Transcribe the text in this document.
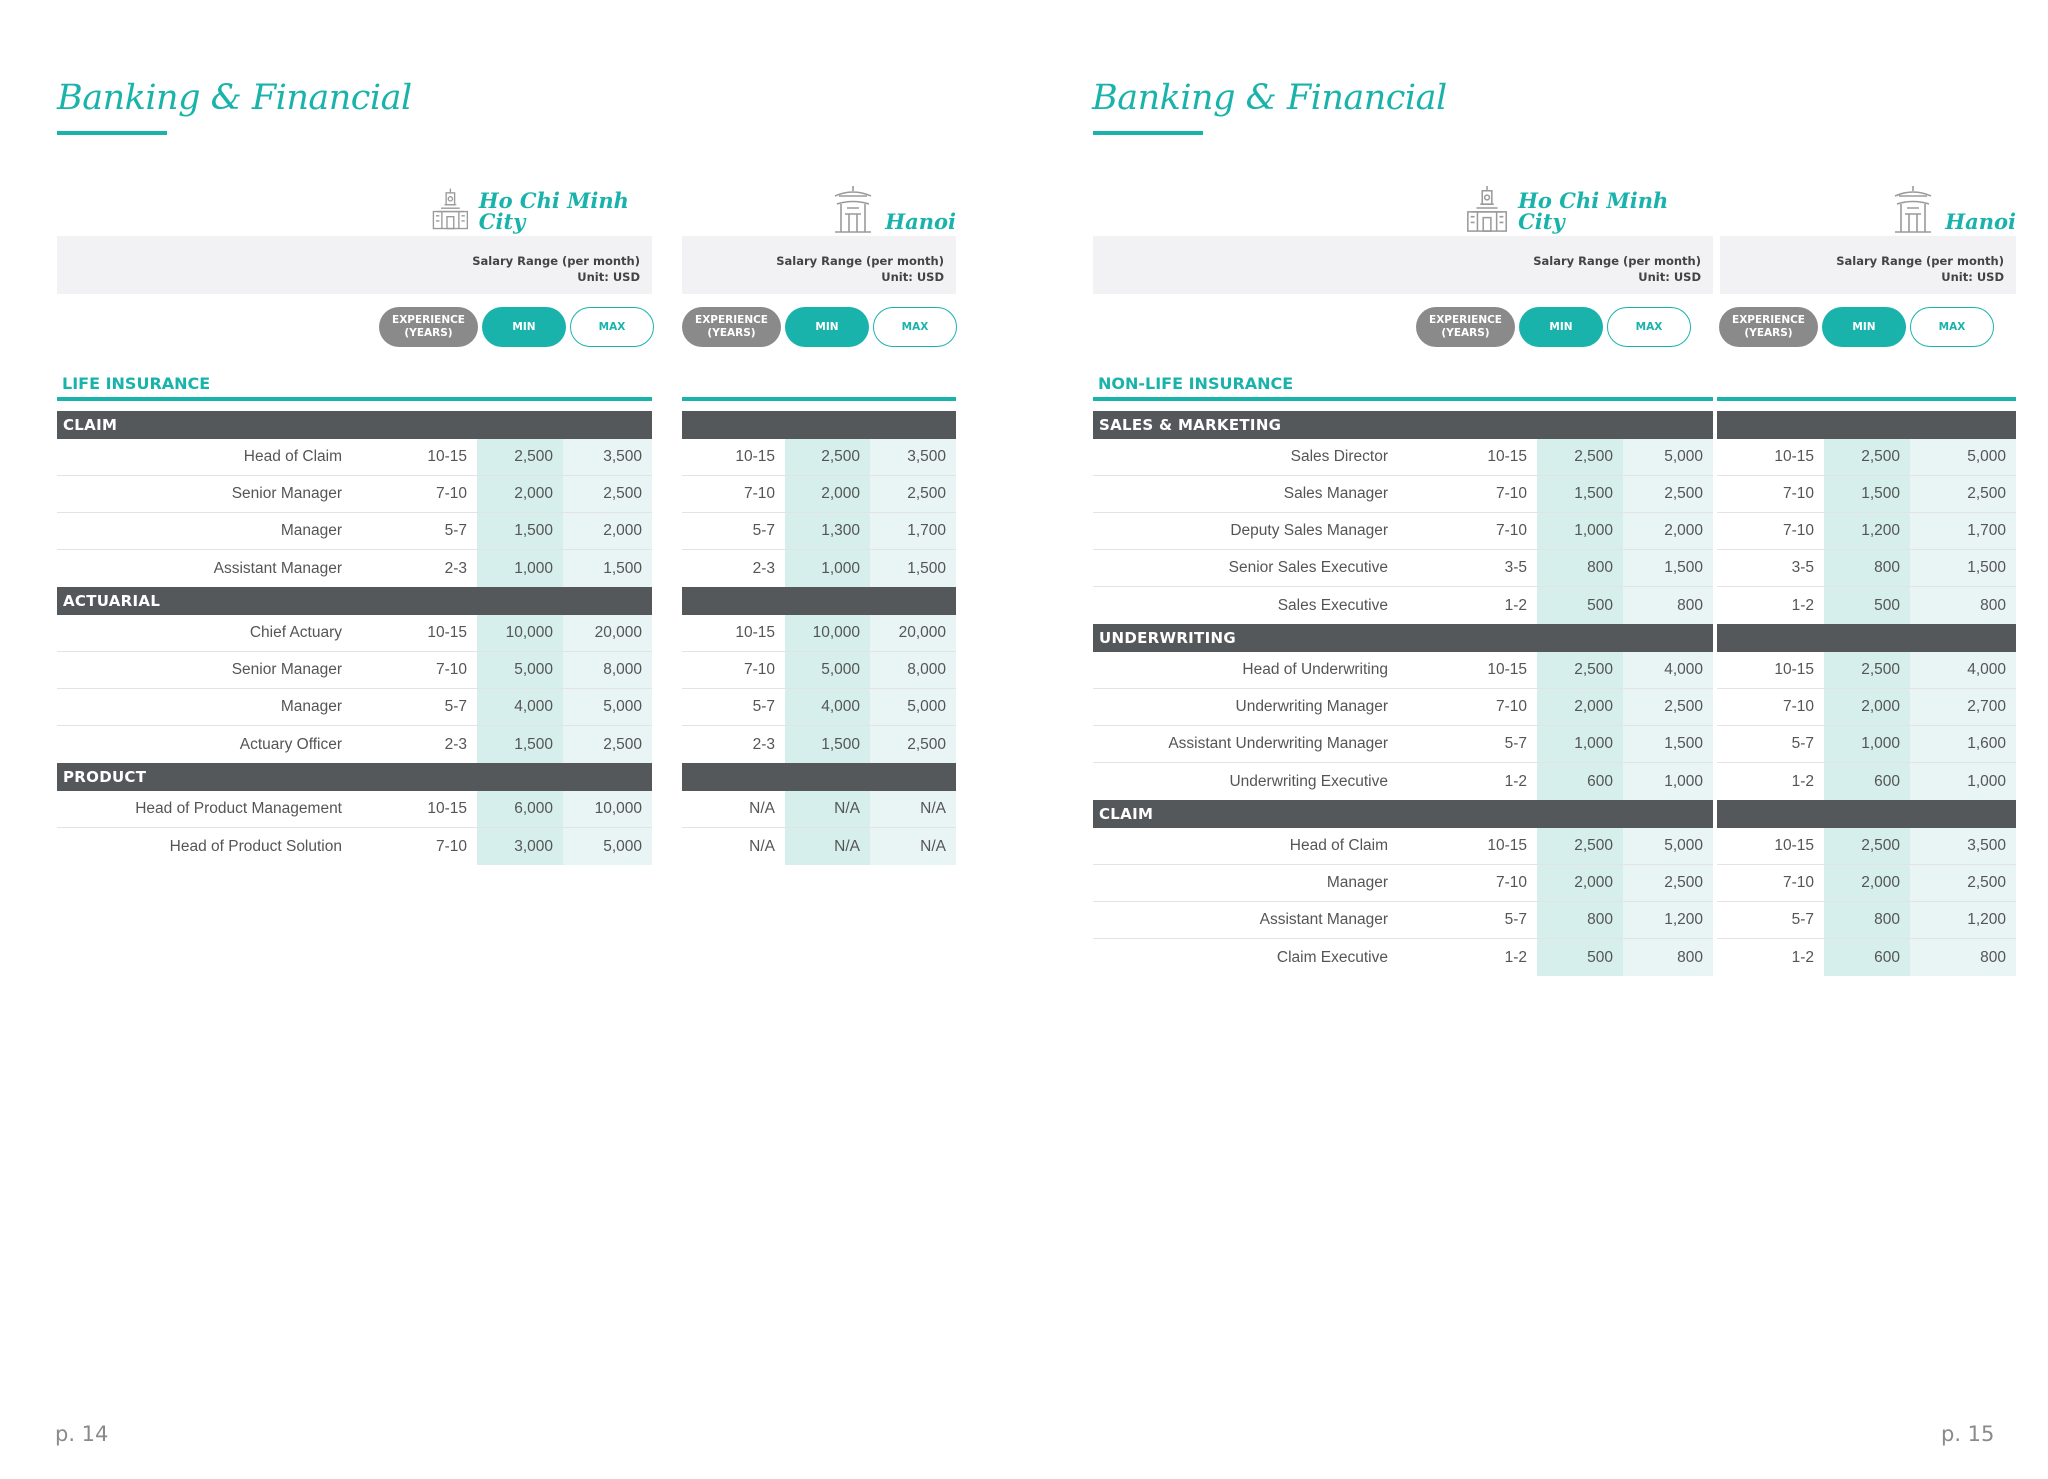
Banking & Financial
Ho Chi Minh City	Hanoi
Salary Range (per month)
Unit: USD
Salary Range (per month)
Unit: USD
EXPERIENCE
(YEARS)
MIN	MAX
EXPERIENCE
(YEARS)
MIN	MAX
LIFE INSURANCE
CLAIM
Head of Claim	10-15	2,500	3,500
Senior Manager	7-10	2,000	2,500
Manager	5-7	1,500	2,000
Assistant Manager	2-3	1,000	1,500
ACTUARIAL
Chief Actuary	10-15	10,000	20,000
Senior Manager	7-10	5,000	8,000
Manager	5-7	4,000	5,000
Actuary Officer	2-3	1,500	2,500
PRODUCT
Head of Product Management	10-15	6,000	10,000
Head of Product Solution	7-10	3,000	5,000
10-15	2,500	3,500
7-10	2,000	2,500
5-7	1,300	1,700
2-3	1,000	1,500
10-15	10,000	20,000
7-10	5,000	8,000
5-7	4,000	5,000
2-3	1,500	2,500
N/A	N/A	N/A
N/A	N/A	N/A
p. 14
Banking & Financial
Ho Chi Minh City	Hanoi
Salary Range (per month)
Unit: USD
Salary Range (per month)
Unit: USD
EXPERIENCE
(YEARS)
MIN	MAX
EXPERIENCE
(YEARS)
MIN	MAX
NON-LIFE INSURANCE
SALES & MARKETING
Sales Director	10-15	2,500	5,000
Sales Manager	7-10	1,500	2,500
Deputy Sales Manager	7-10	1,000	2,000
Senior Sales Executive	3-5	800	1,500
Sales Executive	1-2	500	800
UNDERWRITING
Head of Underwriting	10-15	2,500	4,000
Underwriting Manager	7-10	2,000	2,500
Assistant Underwriting Manager	5-7	1,000	1,500
Underwriting Executive	1-2	600	1,000
CLAIM
Head of Claim	10-15	2,500	5,000
Manager	7-10	2,000	2,500
Assistant Manager	5-7	800	1,200
Claim Executive	1-2	500	800
10-15	2,500	5,000
7-10	1,500	2,500
7-10	1,200	1,700
3-5	800	1,500
1-2	500	800
10-15	2,500	4,000
7-10	2,000	2,700
5-7	1,000	1,600
1-2	600	1,000
10-15	2,500	3,500
7-10	2,000	2,500
5-7	800	1,200
1-2	600	800
p. 15
